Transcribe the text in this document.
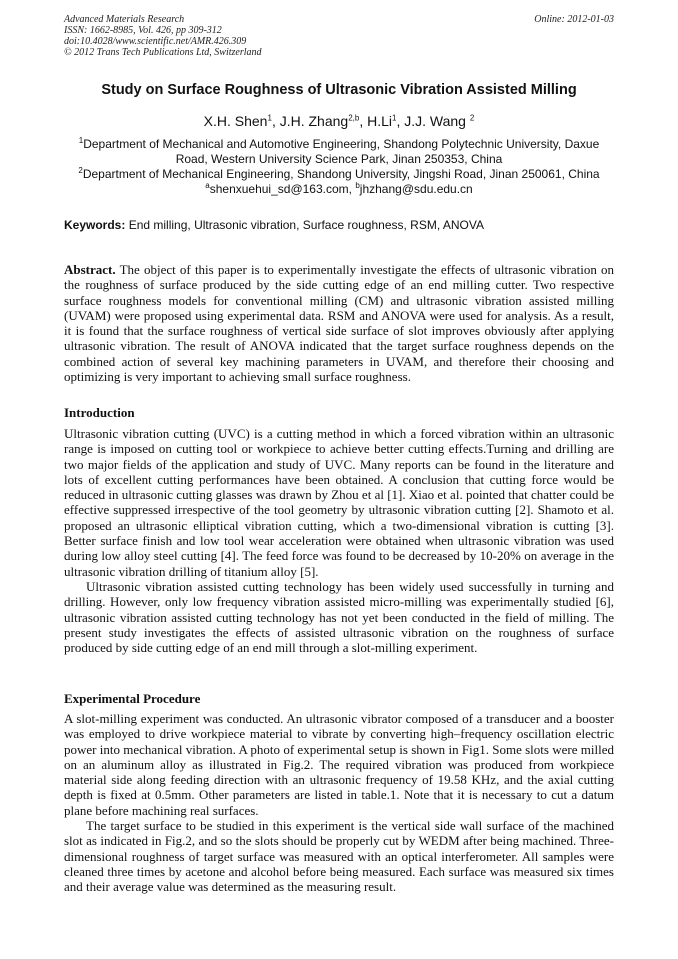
Advanced Materials Research
ISSN: 1662-8985, Vol. 426, pp 309-312
doi:10.4028/www.scientific.net/AMR.426.309
© 2012 Trans Tech Publications Ltd, Switzerland
Online: 2012-01-03
Study on Surface Roughness of Ultrasonic Vibration Assisted Milling
X.H. Shen$^1$, J.H. Zhang$^{2,b}$, H.Li$^1$, J.J. Wang $^2$
$^1$Department of Mechanical and Automotive Engineering, Shandong Polytechnic University, Daxue
Road, Western University Science Park, Jinan 250353, China
$^2$Department of Mechanical Engineering, Shandong University, Jingshi Road, Jinan 250061, China
$^a$shenxuehui_sd@163.com, $^b$jhzhang@sdu.edu.cn
Keywords: End milling, Ultrasonic vibration, Surface roughness, RSM, ANOVA

Abstract. The object of this paper is to experimentally investigate the effects of ultrasonic vibration on the roughness of surface produced by the side cutting edge of an end milling cutter. Two respective surface roughness models for conventional milling (CM) and ultrasonic vibration assisted milling (UVAM) were proposed using experimental data. RSM and ANOVA were used for analysis. As a result, it is found that the surface roughness of vertical side surface of slot improves obviously after applying ultrasonic vibration. The result of ANOVA indicated that the target surface roughness depends on the combined action of several key machining parameters in UVAM, and therefore their choosing and optimizing is very important to achieving small surface roughness.

Introduction

Ultrasonic vibration cutting (UVC) is a cutting method in which a forced vibration within an ultrasonic range is imposed on cutting tool or workpiece to achieve better cutting effects.Turning and drilling are two major fields of the application and study of UVC. Many reports can be found in the literature and lots of excellent cutting performances have been obtained. A conclusion that cutting force would be reduced in ultrasonic cutting glasses was drawn by Zhou et al [1]. Xiao et al. pointed that chatter could be effective suppressed irrespective of the tool geometry by ultrasonic vibration cutting [2]. Shamoto et al. proposed an ultrasonic elliptical vibration cutting, which a two-dimensional vibration is cutting [3]. Better surface finish and low tool wear acceleration were obtained when ultrasonic vibration was used during low alloy steel cutting [4]. The feed force was found to be decreased by 10-20% on average in the ultrasonic vibration drilling of titanium alloy [5].

Ultrasonic vibration assisted cutting technology has been widely used successfully in turning and drilling. However, only low frequency vibration assisted micro-milling was experimentally studied [6], ultrasonic vibration assisted cutting technology has not yet been conducted in the field of milling. The present study investigates the effects of assisted ultrasonic vibration on the roughness of surface produced by side cutting edge of an end mill through a slot-milling experiment.

Experimental Procedure

A slot-milling experiment was conducted. An ultrasonic vibrator composed of a transducer and a booster was employed to drive workpiece material to vibrate by converting high–frequency oscillation electric power into mechanical vibration. A photo of experimental setup is shown in Fig1. Some slots were milled on an aluminum alloy as illustrated in Fig.2. The required vibration was produced from workpiece material side along feeding direction with an ultrasonic frequency of 19.58 KHz, and the axial cutting depth is fixed at 0.5mm. Other parameters are listed in table.1. Note that it is necessary to cut a datum plane before machining real surfaces.

The target surface to be studied in this experiment is the vertical side wall surface of the machined slot as indicated in Fig.2, and so the slots should be properly cut by WEDM after being machined. Three-dimensional roughness of target surface was measured with an optical interferometer. All samples were cleaned three times by acetone and alcohol before being measured. Each surface was measured six times and their average value was determined as the measuring result.
